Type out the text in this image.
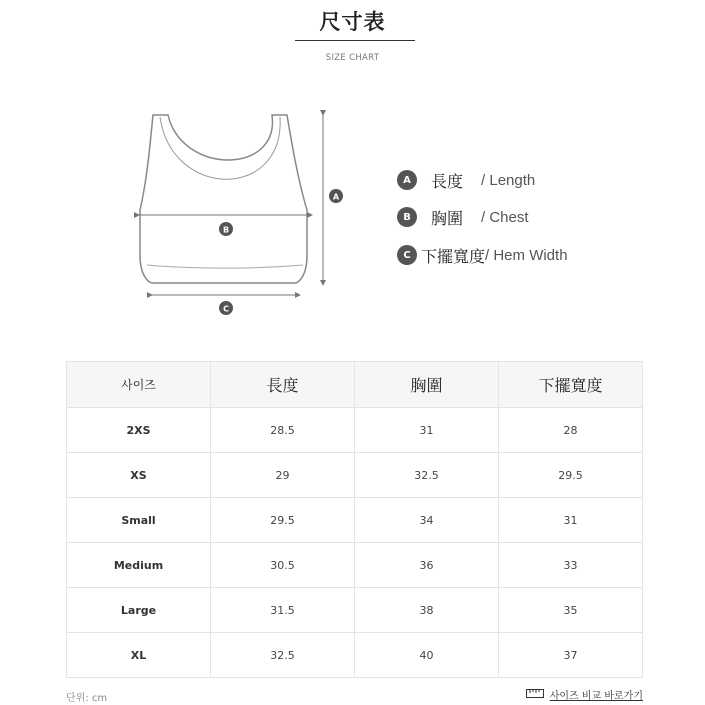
尺寸表
SIZE CHART
A
B
C
A	長度 / Length
B	胸圍 / Chest
C 下擺寬度 / Hem Width
사이즈	長度	胸圍	下擺寬度
2XS	28.5	31	28
XS	29	32.5	29.5
Small	29.5	34	31
Medium	30.5	36	33
Large	31.5	38	35
XL	32.5	40	37
단위: cm	사이즈 비교 바로가기
